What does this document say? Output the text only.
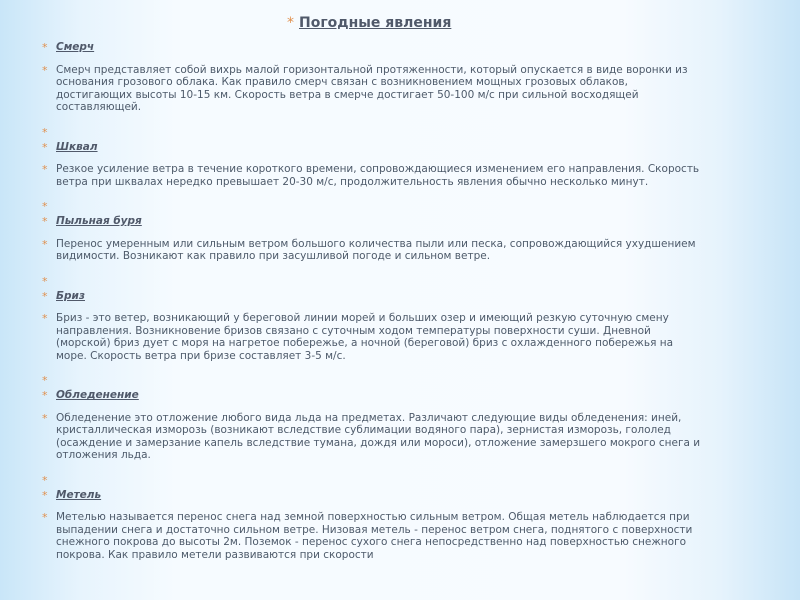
* Погодные явления
* Смерч
* Смерч представляет собой вихрь малой горизонтальной протяженности, который опускается в виде воронки из основания грозового облака. Как правило смерч связан с возникновением мощных грозовых облаков, достигающих высоты 10-15 км. Скорость ветра в смерче достигает 50-100 м/с при сильной восходящей составляющей.
*
* Шквал
* Резкое усиление ветра в течение короткого времени, сопровождающиеся изменением его направления. Скорость ветра при шквалах нередко превышает 20-30 м/с, продолжительность явления обычно несколько минут.
*
* Пыльная буря
* Перенос умеренным или сильным ветром большого количества пыли или песка, сопровождающийся ухудшением видимости. Возникают как правило при засушливой погоде и сильном ветре.
*
* Бриз
* Бриз - это ветер, возникающий у береговой линии морей и больших озер и имеющий резкую суточную смену направления. Возникновение бризов связано с суточным ходом температуры поверхности суши. Дневной (морской) бриз дует с моря на нагретое побережье, а ночной (береговой) бриз с охлажденного побережья на море. Скорость ветра при бризе составляет 3-5 м/с.
*
* Обледенение
* Обледенение это отложение любого вида льда на предметах. Различают следующие виды обледенения: иней, кристаллическая изморозь (возникают вследствие сублимации водяного пара), зернистая изморозь, гололед (осаждение и замерзание капель вследствие тумана, дождя или мороси), отложение замерзшего мокрого снега и отложения льда.
*
* Метель
* Метелью называется перенос снега над земной поверхностью сильным ветром. Общая метель наблюдается при выпадении снега и достаточно сильном ветре. Низовая метель - перенос ветром снега, поднятого с поверхности снежного покрова до высоты 2м. Поземок - перенос сухого снега непосредственно над поверхностью снежного покрова. Как правило метели развиваются при скорости
